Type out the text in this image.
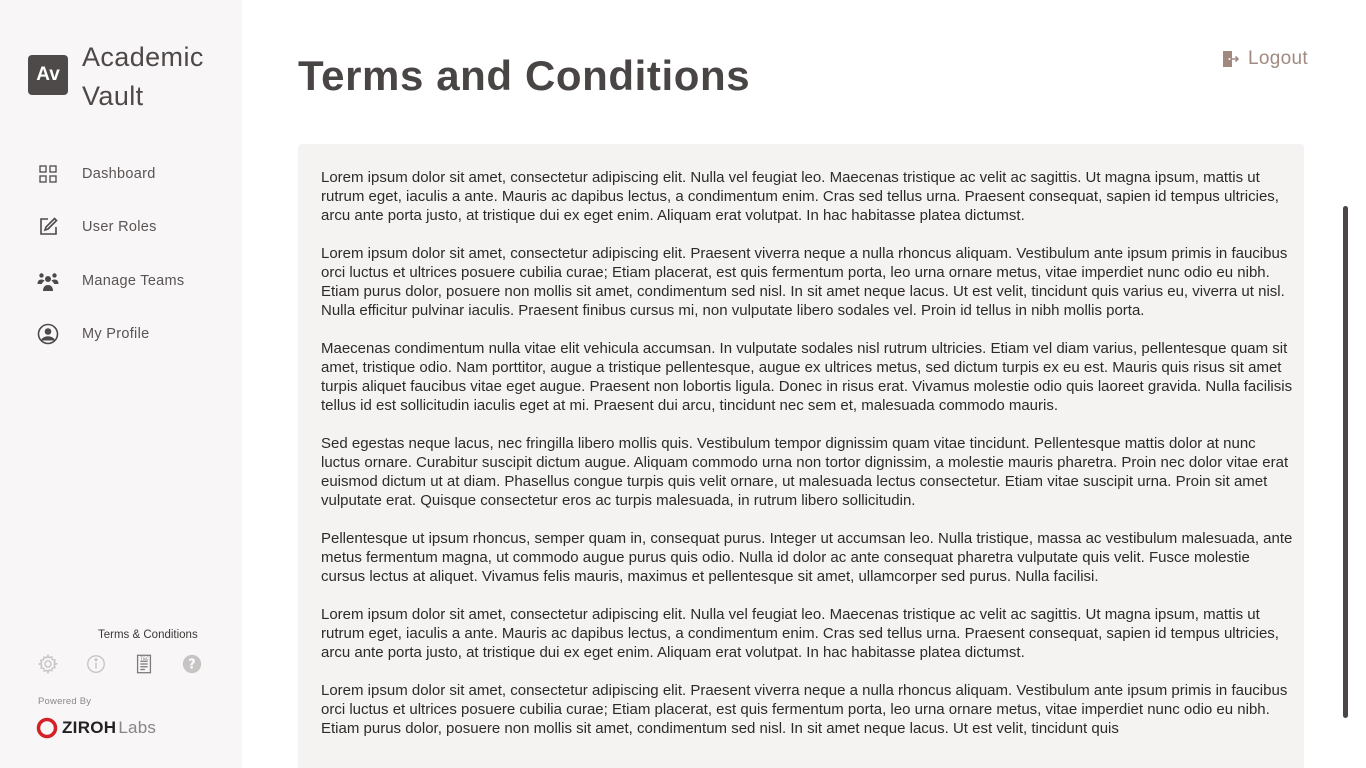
Av
Academic Vault
Dashboard
User Roles
Manage Teams
My Profile
Terms & Conditions
T&C	?
Powered By
ZIROH Labs
Terms and Conditions	Logout

Lorem ipsum dolor sit amet, consectetur adipiscing elit. Nulla vel feugiat leo. Maecenas tristique ac velit ac sagittis. Ut magna ipsum, mattis ut rutrum eget, iaculis a ante. Mauris ac dapibus lectus, a condimentum enim. Cras sed tellus urna. Praesent consequat, sapien id tempus ultricies, arcu ante porta justo, at tristique dui ex eget enim. Aliquam erat volutpat. In hac habitasse platea dictumst.

Lorem ipsum dolor sit amet, consectetur adipiscing elit. Praesent viverra neque a nulla rhoncus aliquam. Vestibulum ante ipsum primis in faucibus orci luctus et ultrices posuere cubilia curae; Etiam placerat, est quis fermentum porta, leo urna ornare metus, vitae imperdiet nunc odio eu nibh. Etiam purus dolor, posuere non mollis sit amet, condimentum sed nisl. In sit amet neque lacus. Ut est velit, tincidunt quis varius eu, viverra ut nisl. Nulla efficitur pulvinar iaculis. Praesent finibus cursus mi, non vulputate libero sodales vel. Proin id tellus in nibh mollis porta.

Maecenas condimentum nulla vitae elit vehicula accumsan. In vulputate sodales nisl rutrum ultricies. Etiam vel diam varius, pellentesque quam sit amet, tristique odio. Nam porttitor, augue a tristique pellentesque, augue ex ultrices metus, sed dictum turpis ex eu est. Mauris quis risus sit amet turpis aliquet faucibus vitae eget augue. Praesent non lobortis ligula. Donec in risus erat. Vivamus molestie odio quis laoreet gravida. Nulla facilisis tellus id est sollicitudin iaculis eget at mi. Praesent dui arcu, tincidunt nec sem et, malesuada commodo mauris.

Sed egestas neque lacus, nec fringilla libero mollis quis. Vestibulum tempor dignissim quam vitae tincidunt. Pellentesque mattis dolor at nunc luctus ornare. Curabitur suscipit dictum augue. Aliquam commodo urna non tortor dignissim, a molestie mauris pharetra. Proin nec dolor vitae erat euismod dictum ut at diam. Phasellus congue turpis quis velit ornare, ut malesuada lectus consectetur. Etiam vitae suscipit urna. Proin sit amet vulputate erat. Quisque consectetur eros ac turpis malesuada, in rutrum libero sollicitudin.

Pellentesque ut ipsum rhoncus, semper quam in, consequat purus. Integer ut accumsan leo. Nulla tristique, massa ac vestibulum malesuada, ante metus fermentum magna, ut commodo augue purus quis odio. Nulla id dolor ac ante consequat pharetra vulputate quis velit. Fusce molestie cursus lectus at aliquet. Vivamus felis mauris, maximus et pellentesque sit amet, ullamcorper sed purus. Nulla facilisi.

Lorem ipsum dolor sit amet, consectetur adipiscing elit. Nulla vel feugiat leo. Maecenas tristique ac velit ac sagittis. Ut magna ipsum, mattis ut rutrum eget, iaculis a ante. Mauris ac dapibus lectus, a condimentum enim. Cras sed tellus urna. Praesent consequat, sapien id tempus ultricies, arcu ante porta justo, at tristique dui ex eget enim. Aliquam erat volutpat. In hac habitasse platea dictumst.

Lorem ipsum dolor sit amet, consectetur adipiscing elit. Praesent viverra neque a nulla rhoncus aliquam. Vestibulum ante ipsum primis in faucibus orci luctus et ultrices posuere cubilia curae; Etiam placerat, est quis fermentum porta, leo urna ornare metus, vitae imperdiet nunc odio eu nibh. Etiam purus dolor, posuere non mollis sit amet, condimentum sed nisl. In sit amet neque lacus. Ut est velit, tincidunt quis
